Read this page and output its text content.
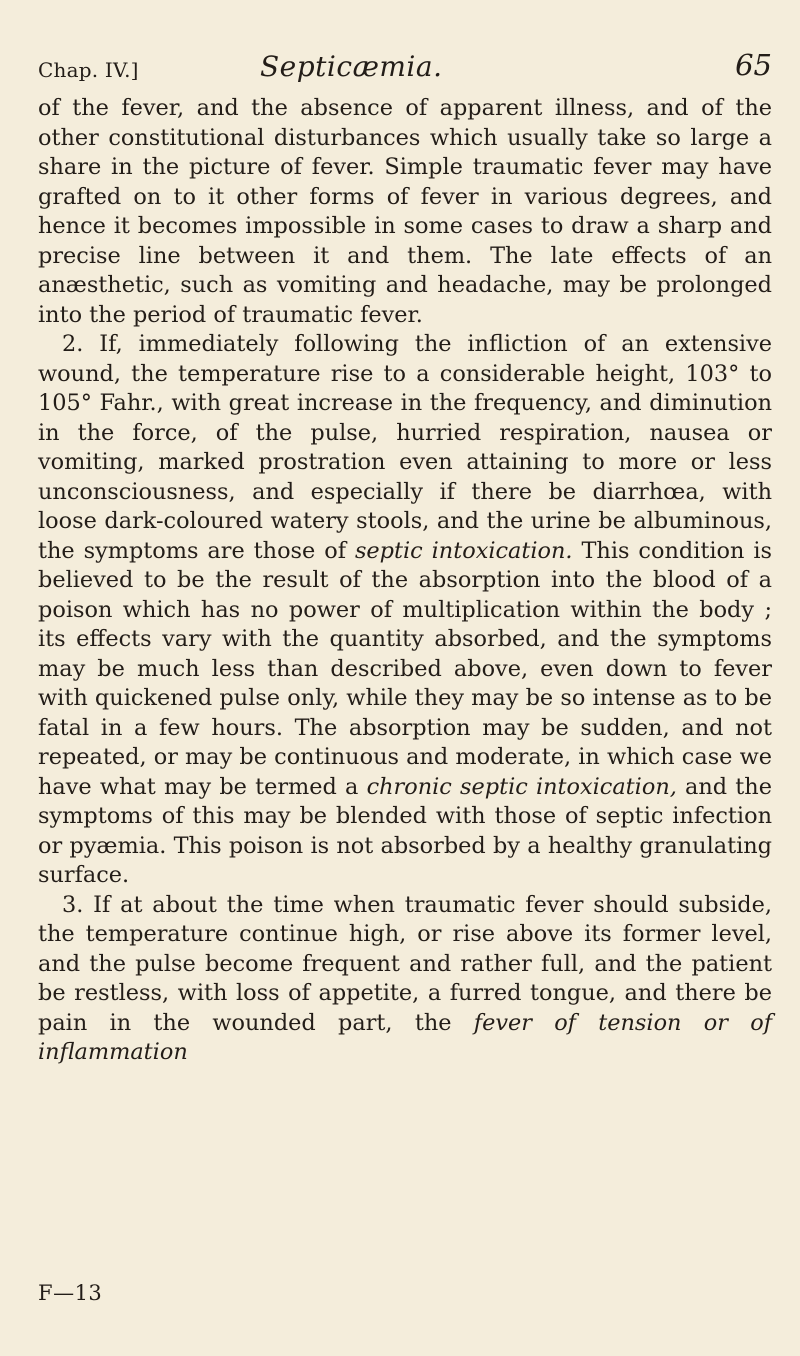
Chap. IV.]	Septicæmia.	65

of the fever, and the absence of apparent illness, and of the other constitutional disturbances which usually take so large a share in the picture of fever. Simple traumatic fever may have grafted on to it other forms of fever in various degrees, and hence it becomes impossible in some cases to draw a sharp and precise line between it and them. The late effects of an anæsthetic, such as vomiting and headache, may be prolonged into the period of traumatic fever.

2. If, immediately following the infliction of an extensive wound, the temperature rise to a considerable height, 103° to 105° Fahr., with great increase in the frequency, and diminution in the force, of the pulse, hurried respiration, nausea or vomiting, marked prostration even attaining to more or less unconsciousness, and especially if there be diarrhœa, with loose dark-coloured watery stools, and the urine be albuminous, the symptoms are those of septic intoxication. This condition is believed to be the result of the absorption into the blood of a poison which has no power of multiplication within the body ; its effects vary with the quantity absorbed, and the symptoms may be much less than described above, even down to fever with quickened pulse only, while they may be so intense as to be fatal in a few hours. The absorption may be sudden, and not repeated, or may be continuous and moderate, in which case we have what may be termed a chronic septic intoxication, and the symptoms of this may be blended with those of septic infection or pyæmia. This poison is not absorbed by a healthy granulating surface.

3. If at about the time when traumatic fever should subside, the temperature continue high, or rise above its former level, and the pulse become frequent and rather full, and the patient be restless, with loss of appetite, a furred tongue, and there be pain in the wounded part, the fever of tension or of inflammation

F—13
